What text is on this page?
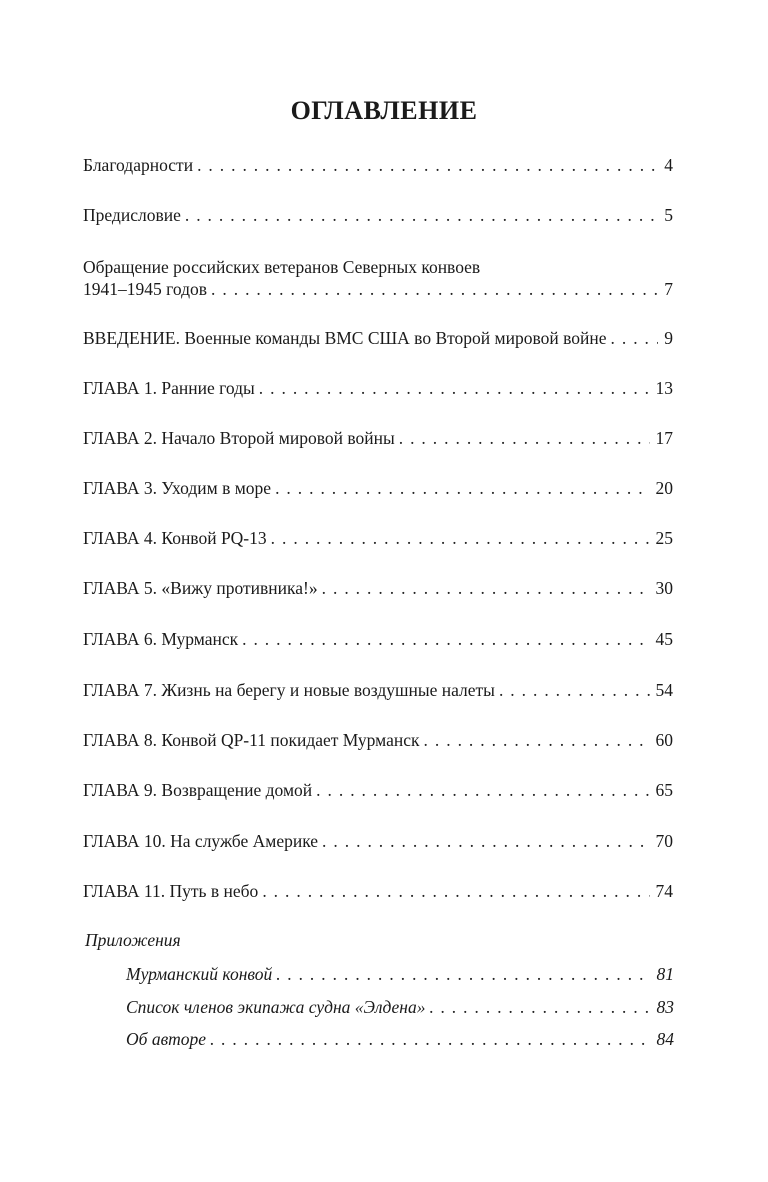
ОГЛАВЛЕНИЕ
Благодарности . . .	4
Предисловие . . .	5
Обращение российских ветеранов Северных конвоев
1941–1945 годов . . .	7
ВВЕДЕНИЕ. Военные команды ВМС США во Второй мировой войне . . .	9
ГЛАВА 1. Ранние годы . . .	13
ГЛАВА 2. Начало Второй мировой войны . . .	17
ГЛАВА 3. Уходим в море . . .	20
ГЛАВА 4. Конвой PQ-13 . . .	25
ГЛАВА 5. «Вижу противника!» . . .	30
ГЛАВА 6. Мурманск . . .	45
ГЛАВА 7. Жизнь на берегу и новые воздушные налеты . . .	54
ГЛАВА 8. Конвой QP-11 покидает Мурманск . . .	60
ГЛАВА 9. Возвращение домой . . .	65
ГЛАВА 10. На службе Америке . . .	70
ГЛАВА 11. Путь в небо . . .	74
Приложения
Мурманский конвой . . .	81
Список членов экипажа судна «Элдена» . . .	83
Об авторе . . .	84
